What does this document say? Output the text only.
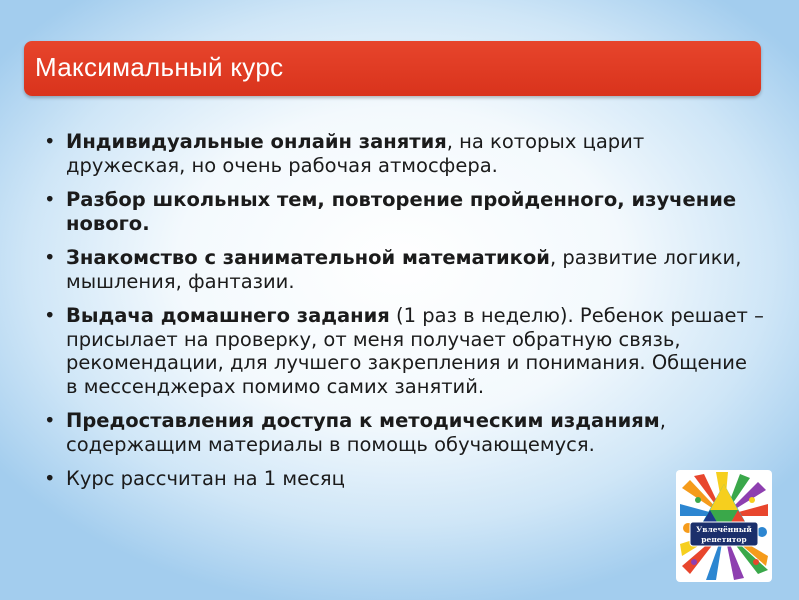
Максимальный курс
• Индивидуальные онлайн занятия, на которых царит дружеская, но очень рабочая атмосфера.
• Разбор школьных тем, повторение пройденного, изучение нового.
• Знакомство с занимательной математикой, развитие логики, мышления, фантазии.
• Выдача домашнего задания (1 раз в неделю). Ребенок решает – присылает на проверку, от меня получает обратную связь, рекомендации, для лучшего закрепления и понимания. Общение в мессенджерах помимо самих занятий.
• Предоставления доступа к методическим изданиям, содержащим материалы в помощь обучающемуся.
• Курс рассчитан на 1 месяц
Увлечённый
репетитор
